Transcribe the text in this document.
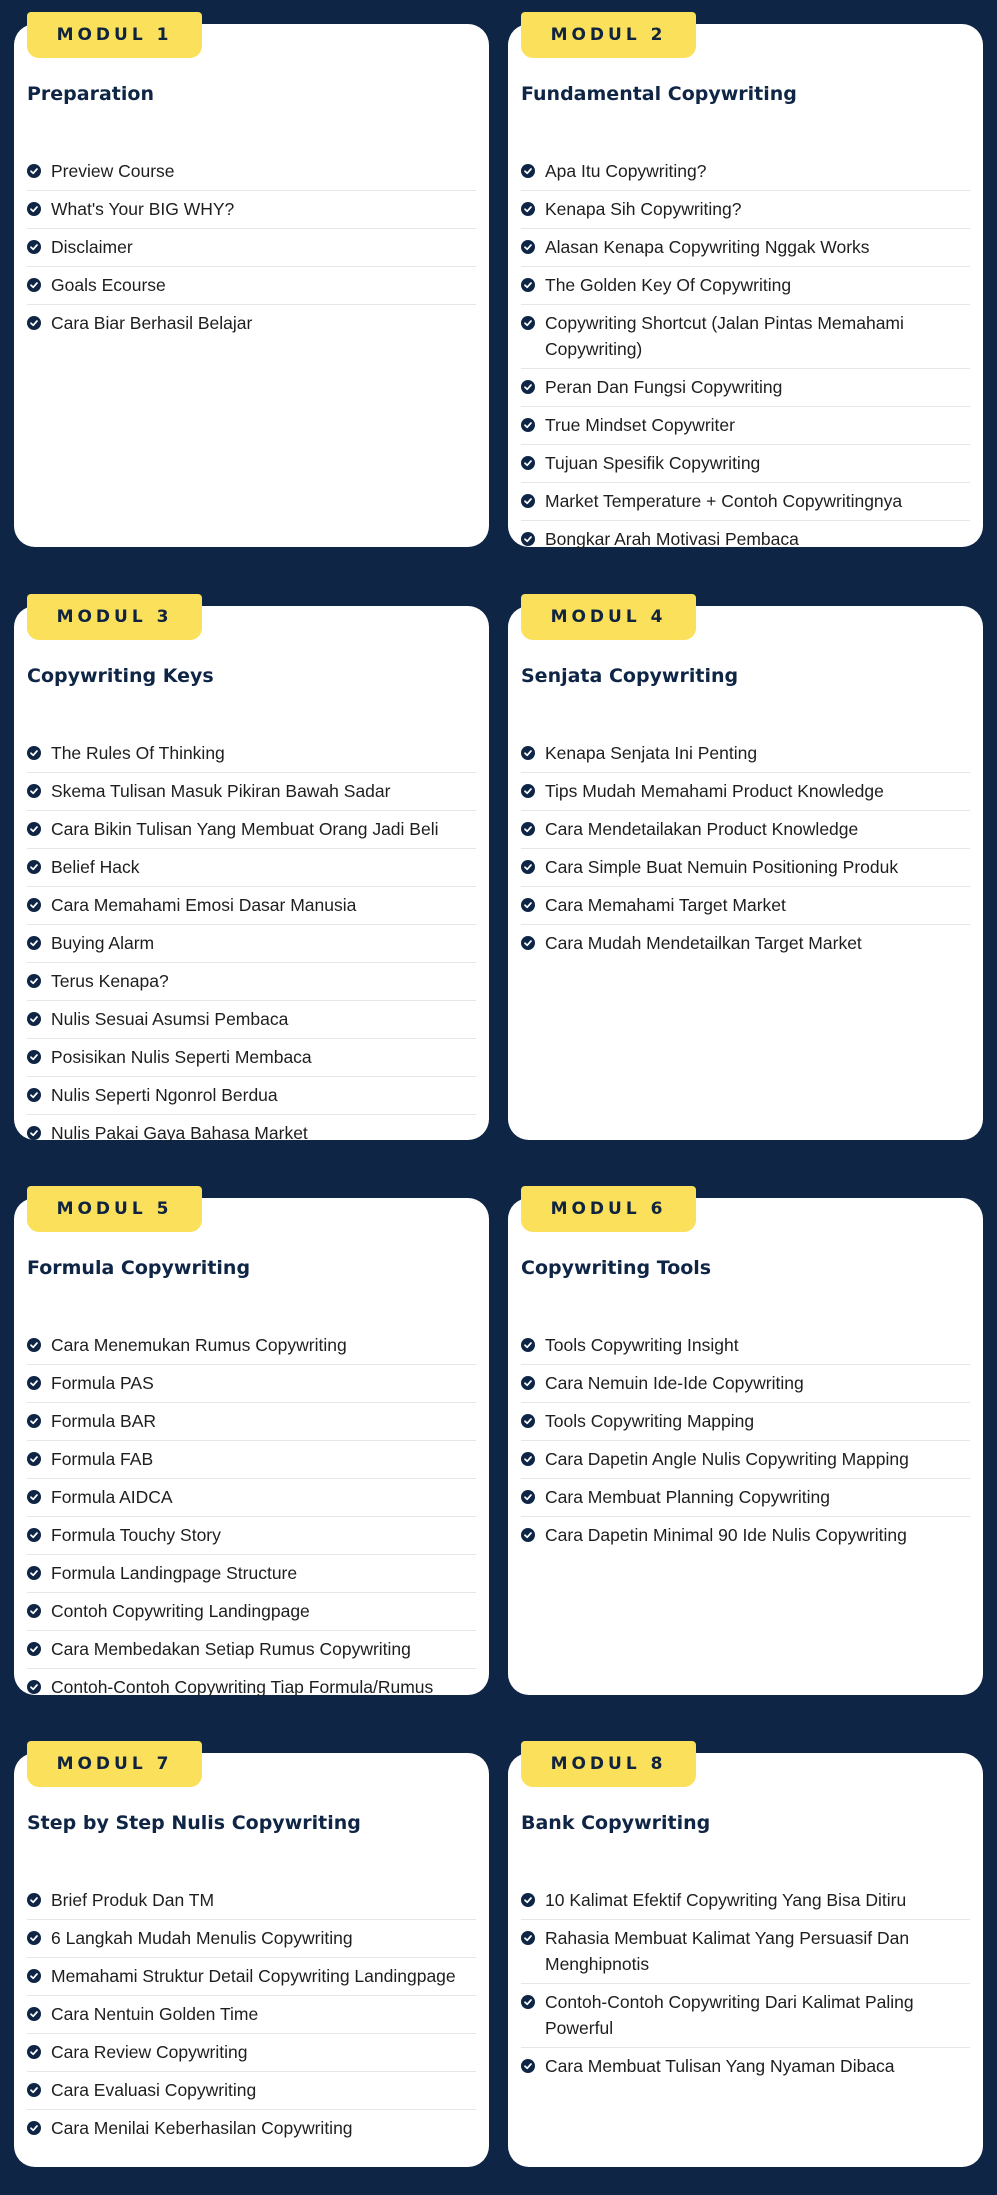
MODUL 1
Preparation
Preview Course
What's Your BIG WHY?
Disclaimer
Goals Ecourse
Cara Biar Berhasil Belajar
MODUL 2
Fundamental Copywriting
Apa Itu Copywriting?
Kenapa Sih Copywriting?
Alasan Kenapa Copywriting Nggak Works
The Golden Key Of Copywriting
Copywriting Shortcut (Jalan Pintas Memahami Copywriting)
Peran Dan Fungsi Copywriting
True Mindset Copywriter
Tujuan Spesifik Copywriting
Market Temperature + Contoh Copywritingnya
Bongkar Arah Motivasi Pembaca
MODUL 3
Copywriting Keys
The Rules Of Thinking
Skema Tulisan Masuk Pikiran Bawah Sadar
Cara Bikin Tulisan Yang Membuat Orang Jadi Beli
Belief Hack
Cara Memahami Emosi Dasar Manusia
Buying Alarm
Terus Kenapa?
Nulis Sesuai Asumsi Pembaca
Posisikan Nulis Seperti Membaca
Nulis Seperti Ngonrol Berdua
Nulis Pakai Gaya Bahasa Market
MODUL 4
Senjata Copywriting
Kenapa Senjata Ini Penting
Tips Mudah Memahami Product Knowledge
Cara Mendetailakan Product Knowledge
Cara Simple Buat Nemuin Positioning Produk
Cara Memahami Target Market
Cara Mudah Mendetailkan Target Market
MODUL 5
Formula Copywriting
Cara Menemukan Rumus Copywriting
Formula PAS
Formula BAR
Formula FAB
Formula AIDCA
Formula Touchy Story
Formula Landingpage Structure
Contoh Copywriting Landingpage
Cara Membedakan Setiap Rumus Copywriting
Contoh-Contoh Copywriting Tiap Formula/Rumus
MODUL 6
Copywriting Tools
Tools Copywriting Insight
Cara Nemuin Ide-Ide Copywriting
Tools Copywriting Mapping
Cara Dapetin Angle Nulis Copywriting Mapping
Cara Membuat Planning Copywriting
Cara Dapetin Minimal 90 Ide Nulis Copywriting
MODUL 7
Step by Step Nulis Copywriting
Brief Produk Dan TM
6 Langkah Mudah Menulis Copywriting
Memahami Struktur Detail Copywriting Landingpage
Cara Nentuin Golden Time
Cara Review Copywriting
Cara Evaluasi Copywriting
Cara Menilai Keberhasilan Copywriting
MODUL 8
Bank Copywriting
10 Kalimat Efektif Copywriting Yang Bisa Ditiru
Rahasia Membuat Kalimat Yang Persuasif Dan Menghipnotis
Contoh-Contoh Copywriting Dari Kalimat Paling Powerful
Cara Membuat Tulisan Yang Nyaman Dibaca
